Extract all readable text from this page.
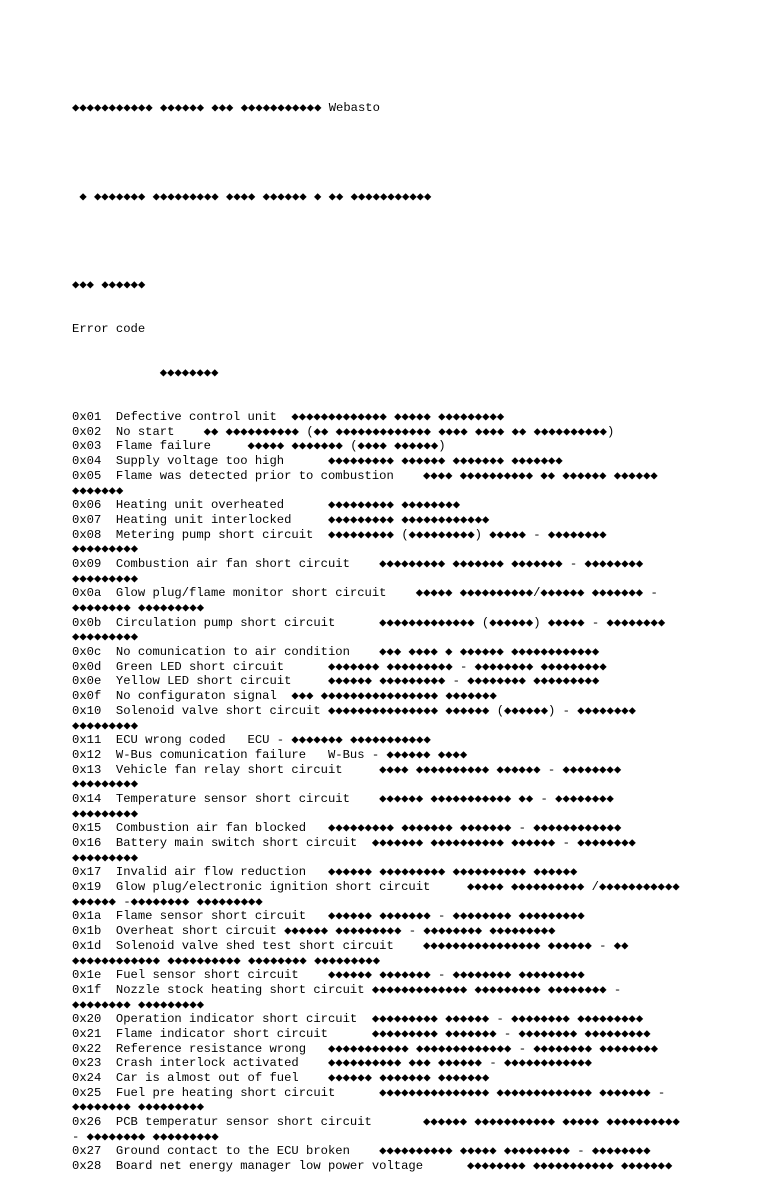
◆◆◆◆◆◆◆◆◆◆◆ ◆◆◆◆◆◆ ◆◆◆ ◆◆◆◆◆◆◆◆◆◆◆ Webasto

◆ ◆◆◆◆◆◆◆ ◆◆◆◆◆◆◆◆◆ ◆◆◆◆ ◆◆◆◆◆◆ ◆ ◆◆ ◆◆◆◆◆◆◆◆◆◆◆

◆◆◆ ◆◆◆◆◆◆

Error code

◆◆◆◆◆◆◆◆

0x01  Defective control unit  ◆◆◆◆◆◆◆◆◆◆◆◆◆ ◆◆◆◆◆ ◆◆◆◆◆◆◆◆◆
0x02  No start    ◆◆ ◆◆◆◆◆◆◆◆◆◆ (◆◆ ◆◆◆◆◆◆◆◆◆◆◆◆◆ ◆◆◆◆ ◆◆◆◆ ◆◆ ◆◆◆◆◆◆◆◆◆◆)
0x03  Flame failure     ◆◆◆◆◆ ◆◆◆◆◆◆◆ (◆◆◆◆ ◆◆◆◆◆◆)
0x04  Supply voltage too high      ◆◆◆◆◆◆◆◆◆ ◆◆◆◆◆◆ ◆◆◆◆◆◆◆ ◆◆◆◆◆◆◆
0x05  Flame was detected prior to combustion    ◆◆◆◆ ◆◆◆◆◆◆◆◆◆◆ ◆◆ ◆◆◆◆◆◆ ◆◆◆◆◆◆
◆◆◆◆◆◆◆
0x06  Heating unit overheated      ◆◆◆◆◆◆◆◆◆ ◆◆◆◆◆◆◆◆
0x07  Heating unit interlocked     ◆◆◆◆◆◆◆◆◆ ◆◆◆◆◆◆◆◆◆◆◆◆
0x08  Metering pump short circuit  ◆◆◆◆◆◆◆◆◆ (◆◆◆◆◆◆◆◆◆) ◆◆◆◆◆ - ◆◆◆◆◆◆◆◆
◆◆◆◆◆◆◆◆◆
0x09  Combustion air fan short circuit    ◆◆◆◆◆◆◆◆◆ ◆◆◆◆◆◆◆ ◆◆◆◆◆◆◆ - ◆◆◆◆◆◆◆◆
◆◆◆◆◆◆◆◆◆
0x0a  Glow plug/flame monitor short circuit    ◆◆◆◆◆ ◆◆◆◆◆◆◆◆◆◆/◆◆◆◆◆◆ ◆◆◆◆◆◆◆ -
◆◆◆◆◆◆◆◆ ◆◆◆◆◆◆◆◆◆
0x0b  Circulation pump short circuit      ◆◆◆◆◆◆◆◆◆◆◆◆◆ (◆◆◆◆◆◆) ◆◆◆◆◆ - ◆◆◆◆◆◆◆◆
◆◆◆◆◆◆◆◆◆
0x0c  No comunication to air condition    ◆◆◆ ◆◆◆◆ ◆ ◆◆◆◆◆◆ ◆◆◆◆◆◆◆◆◆◆◆◆
0x0d  Green LED short circuit      ◆◆◆◆◆◆◆ ◆◆◆◆◆◆◆◆◆ - ◆◆◆◆◆◆◆◆ ◆◆◆◆◆◆◆◆◆
0x0e  Yellow LED short circuit     ◆◆◆◆◆◆ ◆◆◆◆◆◆◆◆◆ - ◆◆◆◆◆◆◆◆ ◆◆◆◆◆◆◆◆◆
0x0f  No configuraton signal  ◆◆◆ ◆◆◆◆◆◆◆◆◆◆◆◆◆◆◆◆ ◆◆◆◆◆◆◆
0x10  Solenoid valve short circuit ◆◆◆◆◆◆◆◆◆◆◆◆◆◆◆ ◆◆◆◆◆◆ (◆◆◆◆◆◆) - ◆◆◆◆◆◆◆◆
◆◆◆◆◆◆◆◆◆
0x11  ECU wrong coded   ECU - ◆◆◆◆◆◆◆ ◆◆◆◆◆◆◆◆◆◆◆
0x12  W-Bus comunication failure   W-Bus - ◆◆◆◆◆◆ ◆◆◆◆
0x13  Vehicle fan relay short circuit     ◆◆◆◆ ◆◆◆◆◆◆◆◆◆◆ ◆◆◆◆◆◆ - ◆◆◆◆◆◆◆◆
◆◆◆◆◆◆◆◆◆
0x14  Temperature sensor short circuit    ◆◆◆◆◆◆ ◆◆◆◆◆◆◆◆◆◆◆ ◆◆ - ◆◆◆◆◆◆◆◆
◆◆◆◆◆◆◆◆◆
0x15  Combustion air fan blocked   ◆◆◆◆◆◆◆◆◆ ◆◆◆◆◆◆◆ ◆◆◆◆◆◆◆ - ◆◆◆◆◆◆◆◆◆◆◆◆
0x16  Battery main switch short circuit  ◆◆◆◆◆◆◆ ◆◆◆◆◆◆◆◆◆◆ ◆◆◆◆◆◆ - ◆◆◆◆◆◆◆◆
◆◆◆◆◆◆◆◆◆
0x17  Invalid air flow reduction   ◆◆◆◆◆◆ ◆◆◆◆◆◆◆◆◆ ◆◆◆◆◆◆◆◆◆◆ ◆◆◆◆◆◆
0x19  Glow plug/electronic ignition short circuit     ◆◆◆◆◆ ◆◆◆◆◆◆◆◆◆◆ /◆◆◆◆◆◆◆◆◆◆◆
◆◆◆◆◆◆ -◆◆◆◆◆◆◆◆ ◆◆◆◆◆◆◆◆◆
0x1a  Flame sensor short circuit   ◆◆◆◆◆◆ ◆◆◆◆◆◆◆ - ◆◆◆◆◆◆◆◆ ◆◆◆◆◆◆◆◆◆
0x1b  Overheat short circuit ◆◆◆◆◆◆ ◆◆◆◆◆◆◆◆◆ - ◆◆◆◆◆◆◆◆ ◆◆◆◆◆◆◆◆◆
0x1d  Solenoid valve shed test short circuit    ◆◆◆◆◆◆◆◆◆◆◆◆◆◆◆◆ ◆◆◆◆◆◆ - ◆◆
◆◆◆◆◆◆◆◆◆◆◆◆ ◆◆◆◆◆◆◆◆◆◆ ◆◆◆◆◆◆◆◆ ◆◆◆◆◆◆◆◆◆
0x1e  Fuel sensor short circuit    ◆◆◆◆◆◆ ◆◆◆◆◆◆◆ - ◆◆◆◆◆◆◆◆ ◆◆◆◆◆◆◆◆◆
0x1f  Nozzle stock heating short circuit ◆◆◆◆◆◆◆◆◆◆◆◆◆ ◆◆◆◆◆◆◆◆◆ ◆◆◆◆◆◆◆◆ -
◆◆◆◆◆◆◆◆ ◆◆◆◆◆◆◆◆◆
0x20  Operation indicator short circuit  ◆◆◆◆◆◆◆◆◆ ◆◆◆◆◆◆ - ◆◆◆◆◆◆◆◆ ◆◆◆◆◆◆◆◆◆
0x21  Flame indicator short circuit      ◆◆◆◆◆◆◆◆◆ ◆◆◆◆◆◆◆ - ◆◆◆◆◆◆◆◆ ◆◆◆◆◆◆◆◆◆
0x22  Reference resistance wrong   ◆◆◆◆◆◆◆◆◆◆◆ ◆◆◆◆◆◆◆◆◆◆◆◆◆ - ◆◆◆◆◆◆◆◆ ◆◆◆◆◆◆◆◆
0x23  Crash interlock activated    ◆◆◆◆◆◆◆◆◆◆ ◆◆◆ ◆◆◆◆◆◆ - ◆◆◆◆◆◆◆◆◆◆◆◆
0x24  Car is almost out of fuel    ◆◆◆◆◆◆ ◆◆◆◆◆◆◆ ◆◆◆◆◆◆◆
0x25  Fuel pre heating short circuit      ◆◆◆◆◆◆◆◆◆◆◆◆◆◆◆ ◆◆◆◆◆◆◆◆◆◆◆◆◆ ◆◆◆◆◆◆◆ -
◆◆◆◆◆◆◆◆ ◆◆◆◆◆◆◆◆◆
0x26  PCB temperatur sensor short circuit       ◆◆◆◆◆◆ ◆◆◆◆◆◆◆◆◆◆◆ ◆◆◆◆◆ ◆◆◆◆◆◆◆◆◆◆
- ◆◆◆◆◆◆◆◆ ◆◆◆◆◆◆◆◆◆
0x27  Ground contact to the ECU broken    ◆◆◆◆◆◆◆◆◆◆ ◆◆◆◆◆ ◆◆◆◆◆◆◆◆◆ - ◆◆◆◆◆◆◆◆
0x28  Board net energy manager low power voltage      ◆◆◆◆◆◆◆◆ ◆◆◆◆◆◆◆◆◆◆◆ ◆◆◆◆◆◆◆
